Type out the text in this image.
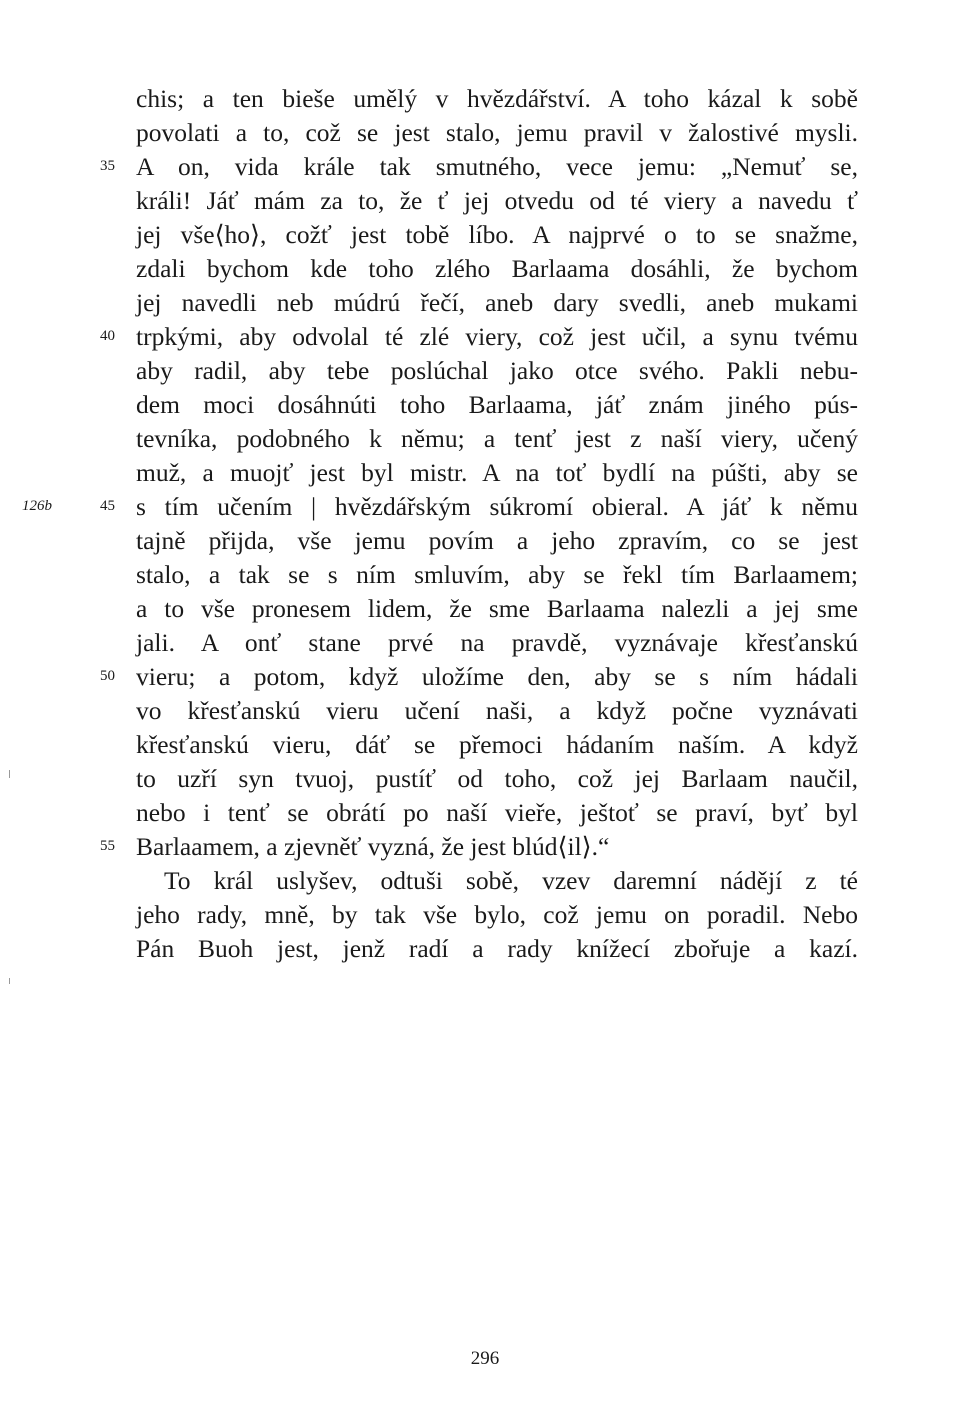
chis; a ten bieše umělý v hvězdářství. A toho kázal k sobě
povolati a to, což se jest stalo, jemu pravil v žalostivé mysli.
A on, vida krále tak smutného, vece jemu: „Nemuť se,
králi! Jáť mám za to, že ť jej otvedu od té viery a navedu ť
jej vše⟨ho⟩, cožť jest tobě líbo. A najprvé o to se snažme,
zdali bychom kde toho zlého Barlaama dosáhli, že bychom
jej navedli neb múdrú řečí, aneb dary svedli, aneb mukami
trpkými, aby odvolal té zlé viery, což jest učil, a synu tvému
aby radil, aby tebe poslúchal jako otce svého. Pakli nebu-
dem moci dosáhnúti toho Barlaama, jáť znám jiného pús-
tevníka, podobného k němu; a tenť jest z naší viery, učený
muž, a muojť jest byl mistr. A na toť bydlí na púšti, aby se
s tím učením | hvězdářským súkromí obieral. A jáť k němu
tajně přijda, vše jemu povím a jeho zpravím, co se jest
stalo, a tak se s ním smluvím, aby se řekl tím Barlaamem;
a to vše pronesem lidem, že sme Barlaama nalezli a jej sme
jali. A onť stane prvé na pravdě, vyznávaje křesťanskú
vieru; a potom, když uložíme den, aby se s ním hádali
vo křesťanskú vieru učení naši, a když počne vyznávati
křesťanskú vieru, dáť se přemoci hádaním naším. A když
to uzří syn tvuoj, pustíť od toho, což jej Barlaam naučil,
nebo i tenť se obrátí po naší vieře, ještoť se praví, byť byl
Barlaamem, a zjevněť vyzná, že jest blúd⟨il⟩.“
To král uslyšev, odtuši sobě, vzev daremní nádějí z té
jeho rady, mně, by tak vše bylo, což jemu on poradil. Nebo
Pán Buoh jest, jenž radí a rady knížecí zbořuje a kazí.
35
40
45
50
55
126b
296
